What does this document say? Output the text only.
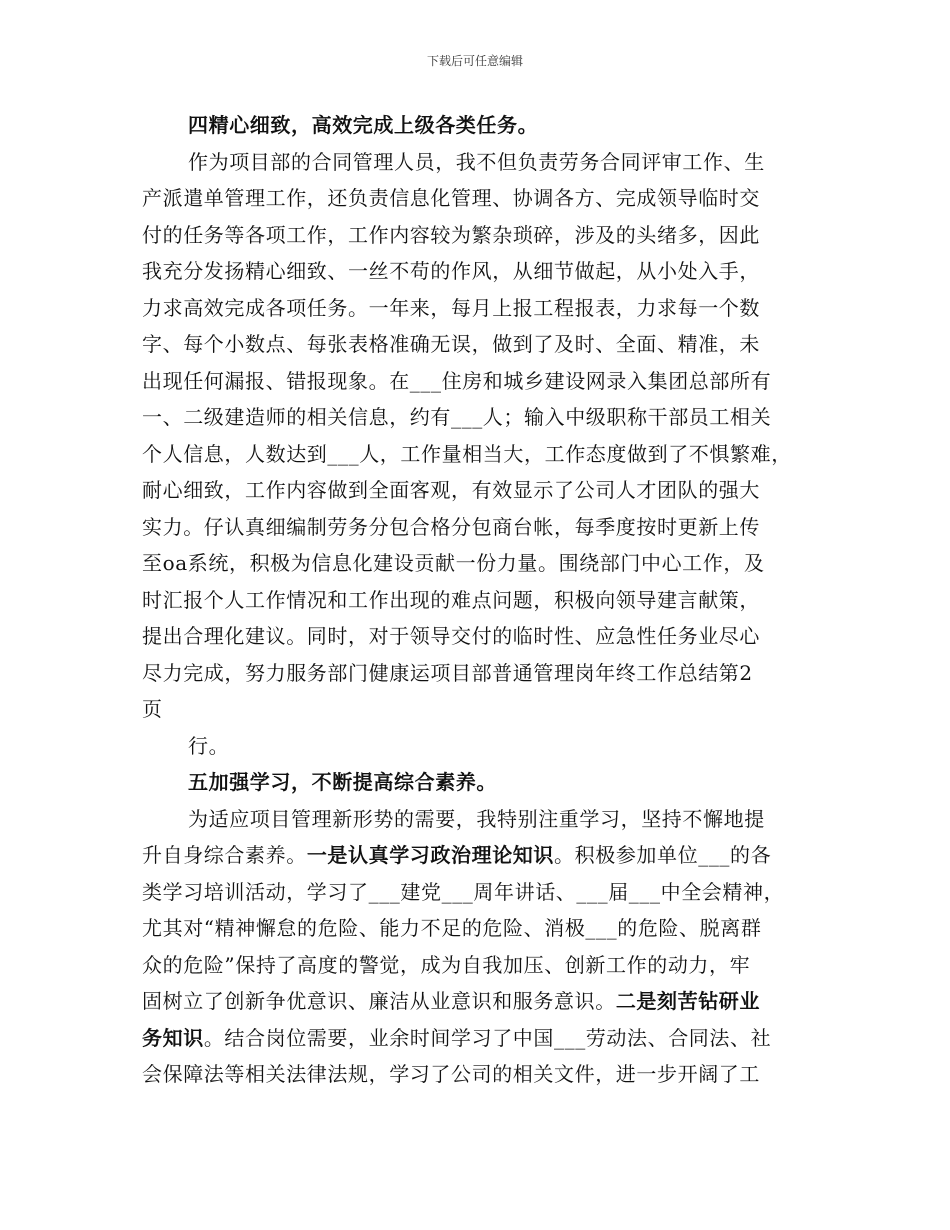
下载后可任意编辑
四精心细致，高效完成上级各类任务。
作为项目部的合同管理人员，我不但负责劳务合同评审工作、生
产派遣单管理工作，还负责信息化管理、协调各方、完成领导临时交
付的任务等各项工作，工作内容较为繁杂琐碎，涉及的头绪多，因此
我充分发扬精心细致、一丝不苟的作风，从细节做起，从小处入手，
力求高效完成各项任务。一年来，每月上报工程报表，力求每一个数
字、每个小数点、每张表格准确无误，做到了及时、全面、精准，未
出现任何漏报、错报现象。在___住房和城乡建设网录入集团总部所有
一、二级建造师的相关信息，约有___人；输入中级职称干部员工相关
个人信息，人数达到___人，工作量相当大，工作态度做到了不惧繁难，
耐心细致，工作内容做到全面客观，有效显示了公司人才团队的强大
实力。仔认真细编制劳务分包合格分包商台帐，每季度按时更新上传
至oa系统，积极为信息化建设贡献一份力量。围绕部门中心工作，及
时汇报个人工作情况和工作出现的难点问题，积极向领导建言献策，
提出合理化建议。同时，对于领导交付的临时性、应急性任务业尽心
尽力完成，努力服务部门健康运项目部普通管理岗年终工作总结第2
页
行。
五加强学习，不断提高综合素养。
为适应项目管理新形势的需要，我特别注重学习，坚持不懈地提
升自身综合素养。一是认真学习政治理论知识。积极参加单位___的各
类学习培训活动，学习了___建党___周年讲话、___届___中全会精神，
尤其对“精神懈怠的危险、能力不足的危险、消极___的危险、脱离群
众的危险”保持了高度的警觉，成为自我加压、创新工作的动力，牢
固树立了创新争优意识、廉洁从业意识和服务意识。二是刻苦钻研业
务知识。结合岗位需要，业余时间学习了中国___劳动法、合同法、社
会保障法等相关法律法规，学习了公司的相关文件，进一步开阔了工
